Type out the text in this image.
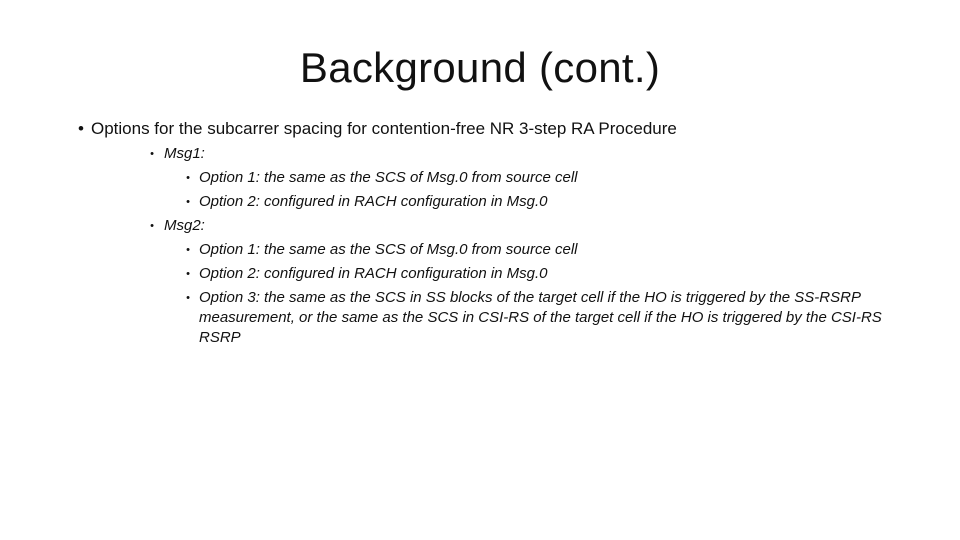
Background (cont.)
• Options for the subcarrer spacing for contention-free NR 3-step RA Procedure
• Msg1:
• Option 1: the same as the SCS of Msg.0 from source cell
• Option 2: configured in RACH configuration in Msg.0
• Msg2:
• Option 1: the same as the SCS of Msg.0 from source cell
• Option 2: configured in RACH configuration in Msg.0
• Option 3: the same as the SCS in SS blocks of the target cell if the HO is triggered by the SS-RSRP measurement, or the same as the SCS in CSI-RS of the target cell if the HO is triggered by the CSI-RS RSRP
